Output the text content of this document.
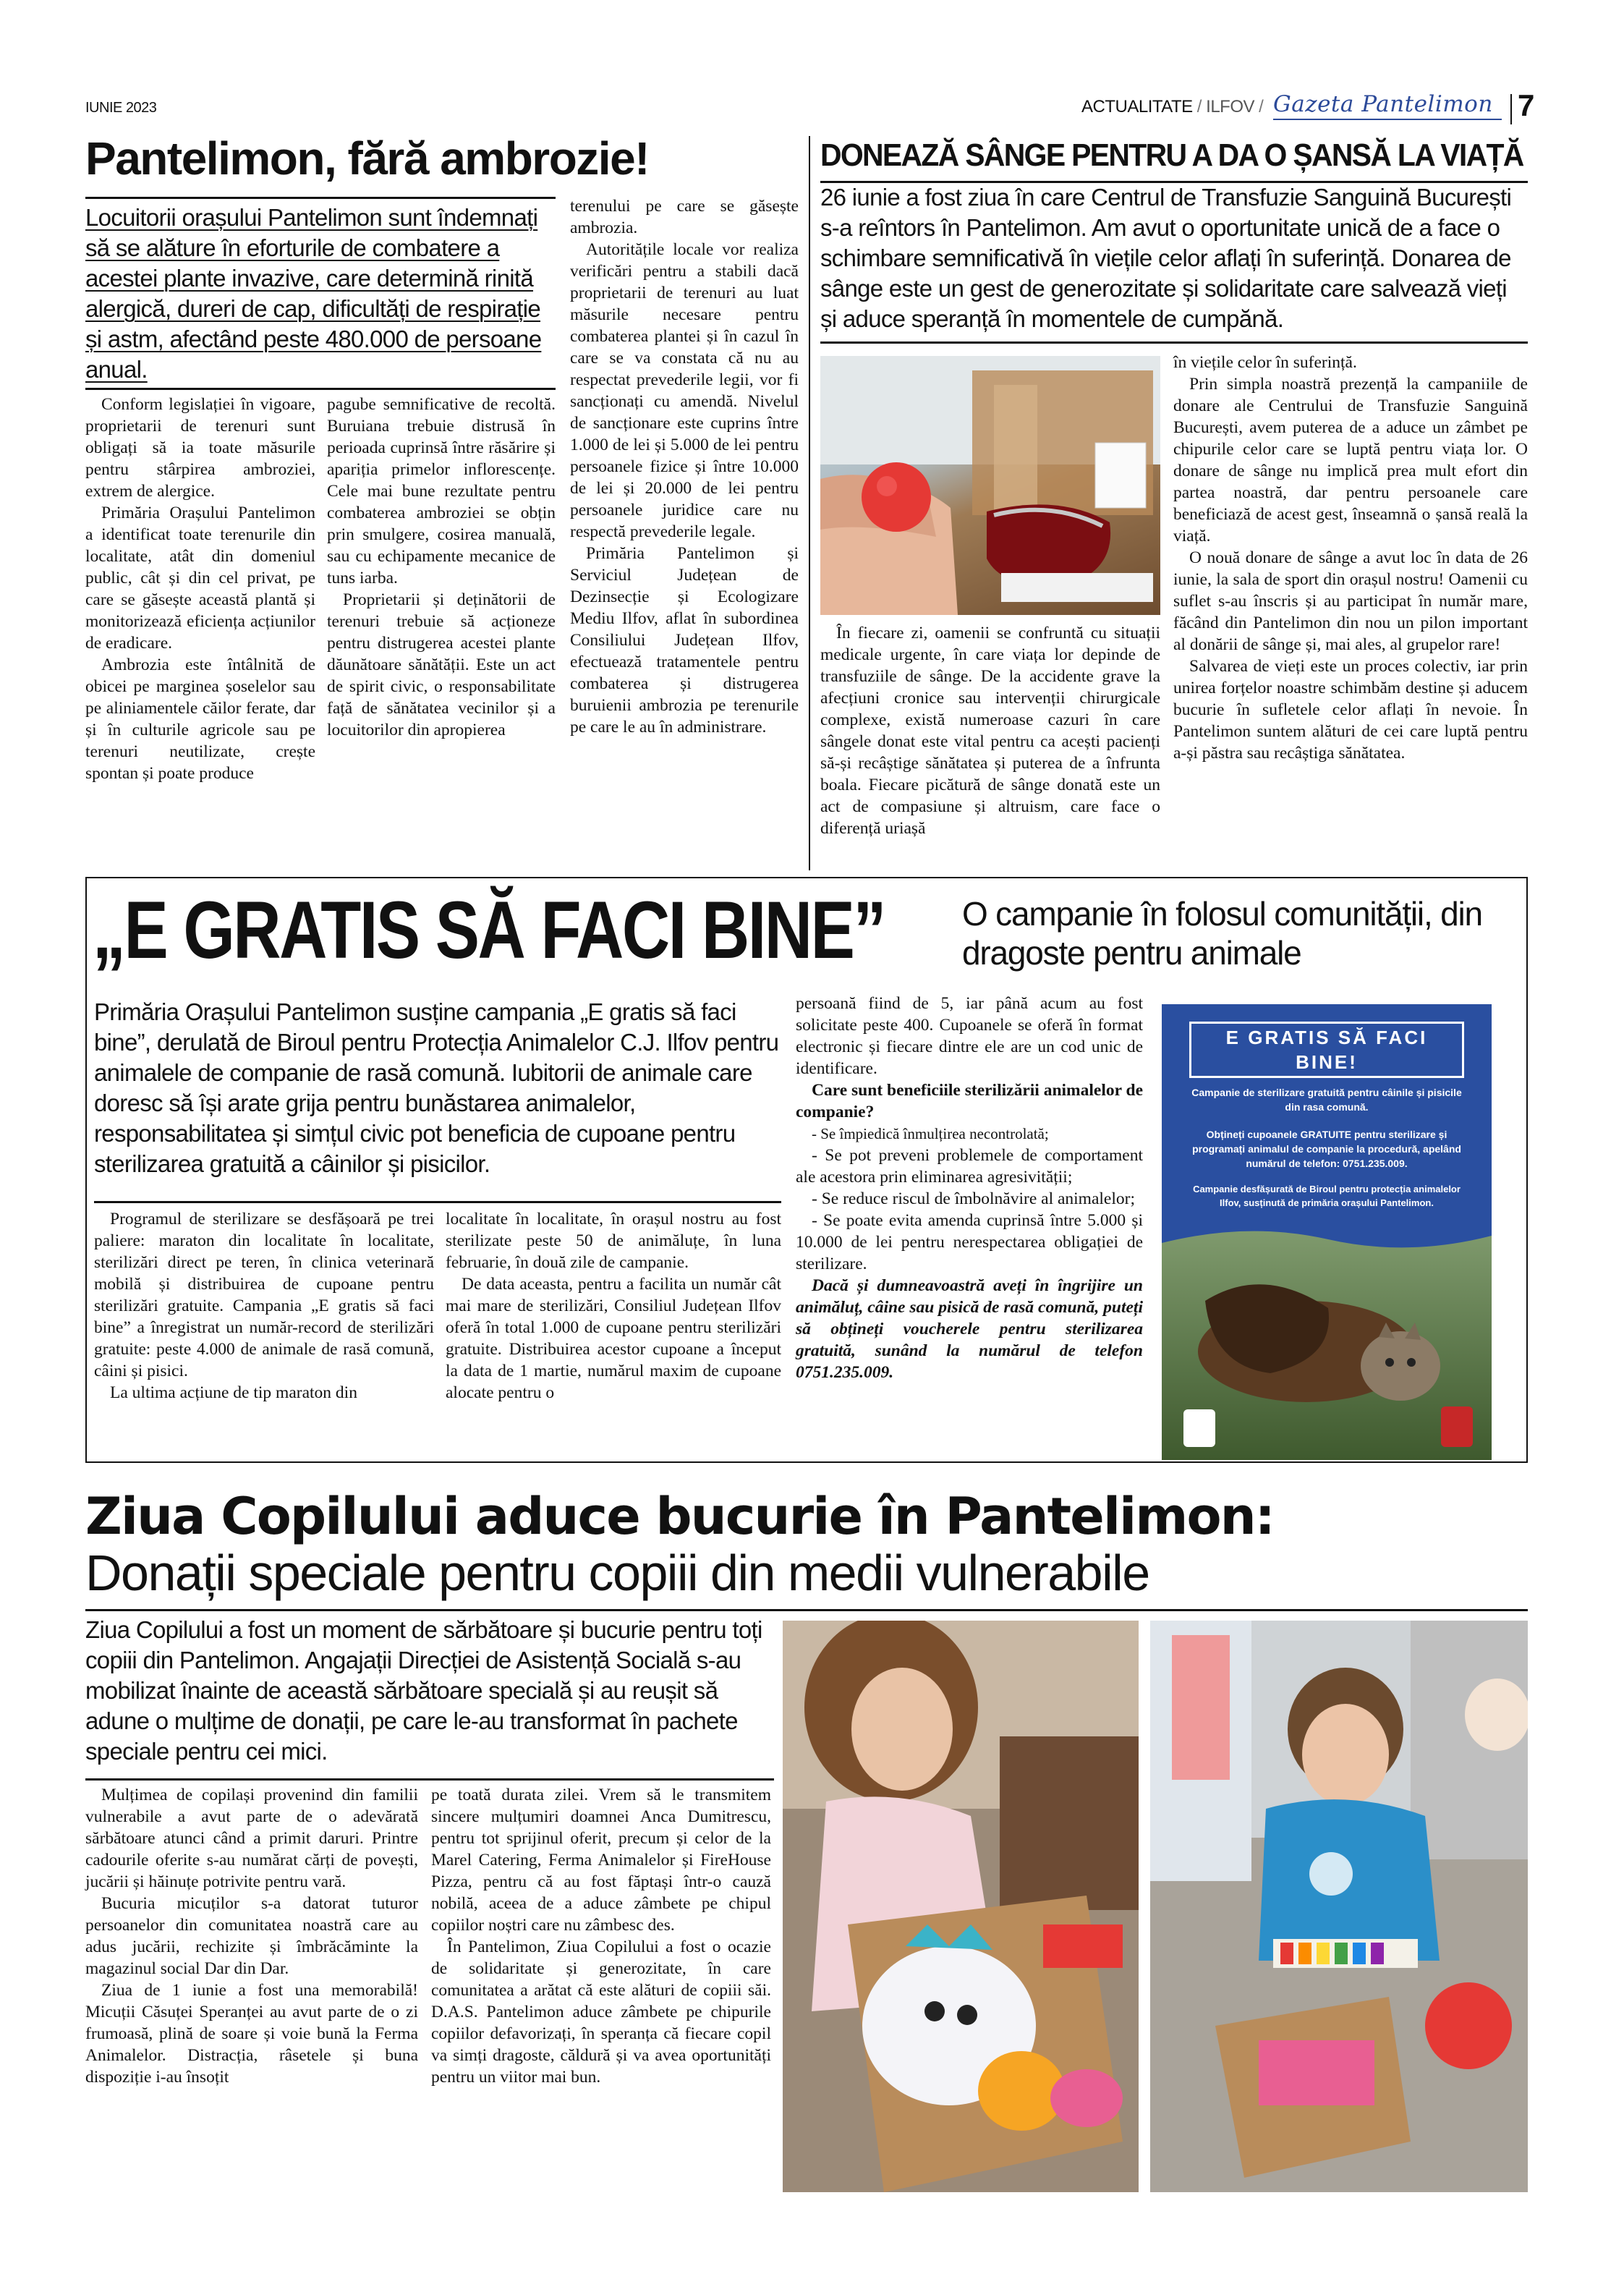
IUNIE 2023	ACTUALITATE / ILFOV / Gazeta Pantelimon 7
Pantelimon, fără ambrozie!
Locuitorii orașului Pantelimon sunt îndemnați să se alăture în eforturile de combatere a acestei plante invazive, care determină rinită alergică, dureri de cap, dificultăți de respirație și astm, afectând peste 480.000 de persoane anual.

Conform legislației în vigoare, proprietarii de terenuri sunt obligați să ia toate măsurile pentru stârpirea ambroziei, extrem de alergice.

Primăria Orașului Pantelimon a identificat toate terenurile din localitate, atât din domeniul public, cât și din cel privat, pe care se găsește această plantă și monitorizează eficiența acțiunilor de eradicare.

Ambrozia este întâlnită de obicei pe marginea șoselelor sau pe aliniamentele căilor ferate, dar și în culturile agricole sau pe terenuri neutilizate, crește spontan și poate produce

pagube semnificative de recoltă. Buruiana trebuie distrusă în perioada cuprinsă între răsărire și apariția primelor inflorescențe. Cele mai bune rezultate pentru combaterea ambroziei se obțin prin smulgere, cosirea manuală, sau cu echipamente mecanice de tuns iarba.

Proprietarii și deținătorii de terenuri trebuie să acționeze pentru distrugerea acestei plante dăunătoare sănătății. Este un act de spirit civic, o responsabilitate față de sănătatea vecinilor și a locuitorilor din apropierea

terenului pe care se găsește ambrozia.

Autoritățile locale vor realiza verificări pentru a stabili dacă proprietarii de terenuri au luat măsurile necesare pentru combaterea plantei și în cazul în care se va constata că nu au respectat prevederile legii, vor fi sancționați cu amendă. Nivelul de sancționare este cuprins între 1.000 de lei și 5.000 de lei pentru persoanele fizice și între 10.000 de lei și 20.000 de lei pentru persoanele juridice care nu respectă prevederile legale.

Primăria Pantelimon și Serviciul Județean de Dezinsecție și Ecologizare Mediu Ilfov, aflat în subordinea Consiliului Județean Ilfov, efectuează tratamentele pentru combaterea și distrugerea buruienii ambrozia pe terenurile pe care le au în administrare.

DONEAZĂ SÂNGE PENTRU A DA O ȘANSĂ LA VIAȚĂ
26 iunie a fost ziua în care Centrul de Transfuzie Sanguină București s-a reîntors în Pantelimon. Am avut o oportunitate unică de a face o schimbare semnificativă în viețile celor aflați în suferință. Donarea de sânge este un gest de generozitate și solidaritate care salvează vieți și aduce speranță în momentele de cumpănă.

În fiecare zi, oamenii se confruntă cu situații medicale urgente, în care viața lor depinde de transfuziile de sânge. De la accidente grave la afecțiuni cronice sau intervenții chirurgicale complexe, există numeroase cazuri în care sângele donat este vital pentru ca acești pacienți să-și recâștige sănătatea și puterea de a înfrunta boala. Fiecare picătură de sânge donată este un act de compasiune și altruism, care face o diferență uriașă

în viețile celor în suferință.

Prin simpla noastră prezență la campaniile de donare ale Centrului de Transfuzie Sanguină București, avem puterea de a aduce un zâmbet pe chipurile celor care se luptă pentru viața lor. O donare de sânge nu implică prea mult efort din partea noastră, dar pentru persoanele care beneficiază de acest gest, înseamnă o șansă reală la viață.

O nouă donare de sânge a avut loc în data de 26 iunie, la sala de sport din orașul nostru! Oamenii cu suflet s-au înscris și au participat în număr mare, făcând din Pantelimon din nou un pilon important al donării de sânge și, mai ales, al grupelor rare!

Salvarea de vieți este un proces colectiv, iar prin unirea forțelor noastre schimbăm destine și aducem bucurie în sufletele celor aflați în nevoie. În Pantelimon suntem alături de cei care luptă pentru a-și păstra sau recâștiga sănătatea.

„E GRATIS SĂ FACI BINE” O campanie în folosul comunității, din dragoste pentru animale
Primăria Orașului Pantelimon susține campania „E gratis să faci bine”, derulată de Biroul pentru Protecția Animalelor C.J. Ilfov pentru animalele de companie de rasă comună. Iubitorii de animale care doresc să își arate grija pentru bunăstarea animalelor, responsabilitatea și simțul civic pot beneficia de cupoane pentru sterilizarea gratuită a câinilor și pisicilor.

Programul de sterilizare se desfășoară pe trei paliere: maraton din localitate în localitate, sterilizări direct pe teren, în clinica veterinară mobilă și distribuirea de cupoane pentru sterilizări gratuite. Campania „E gratis să faci bine” a înregistrat un număr-record de sterilizări gratuite: peste 4.000 de animale de rasă comună, câini și pisici.

La ultima acțiune de tip maraton din

localitate în localitate, în orașul nostru au fost sterilizate peste 50 de animăluțe, în luna februarie, în două zile de campanie.

De data aceasta, pentru a facilita un număr cât mai mare de sterilizări, Consiliul Județean Ilfov oferă în total 1.000 de cupoane pentru sterilizări gratuite. Distribuirea acestor cupoane a început la data de 1 martie, numărul maxim de cupoane alocate pentru o

persoană fiind de 5, iar până acum au fost solicitate peste 400. Cupoanele se oferă în format electronic și fiecare dintre ele are un cod unic de identificare.

Care sunt beneficiile sterilizării animalelor de companie?

- Se împiedică înmulțirea necontrolată;

- Se pot preveni problemele de comportament ale acestora prin eliminarea agresivității;

- Se reduce riscul de îmbolnăvire al animalelor;

- Se poate evita amenda cuprinsă între 5.000 și 10.000 de lei pentru nerespectarea obligației de sterilizare.

Dacă și dumneavoastră aveți în îngrijire un animăluț, câine sau pisică de rasă comună, puteți să obțineți voucherele pentru sterilizarea gratuită, sunând la numărul de telefon 0751.235.009.

E GRATIS SĂ FACI BINE!
Campanie de sterilizare gratuită pentru câinile și pisicile din rasa comună.
Obțineți cupoanele GRATUITE pentru sterilizare și programați animalul de companie la procedură, apelând numărul de telefon: 0751.235.009.
Campanie desfășurată de Biroul pentru protecția animalelor Ilfov, susținută de primăria orașului Pantelimon.
Ziua Copilului aduce bucurie în Pantelimon:
Donații speciale pentru copiii din medii vulnerabile
Ziua Copilului a fost un moment de sărbătoare și bucurie pentru toți copiii din Pantelimon. Angajații Direcției de Asistență Socială s-au mobilizat înainte de această sărbătoare specială și au reușit să adune o mulțime de donații, pe care le-au transformat în pachete speciale pentru cei mici.

Mulțimea de copilași provenind din familii vulnerabile a avut parte de o adevărată sărbătoare atunci când a primit daruri. Printre cadourile oferite s-au numărat cărți de povești, jucării și hăinuțe potrivite pentru vară.

Bucuria micuților s-a datorat tuturor persoanelor din comunitatea noastră care au adus jucării, rechizite și îmbrăcăminte la magazinul social Dar din Dar.

Ziua de 1 iunie a fost una memorabilă! Micuții Căsuței Speranței au avut parte de o zi frumoasă, plină de soare și voie bună la Ferma Animalelor. Distracția, râsetele și buna dispoziție i-au însoțit

pe toată durata zilei. Vrem să le transmitem sincere mulțumiri doamnei Anca Dumitrescu, pentru tot sprijinul oferit, precum și celor de la Marel Catering, Ferma Animalelor și FireHouse Pizza, pentru că au fost făptași într-o cauză nobilă, aceea de a aduce zâmbete pe chipul copiilor noștri care nu zâmbesc des.

În Pantelimon, Ziua Copilului a fost o ocazie de solidaritate și generozitate, în care comunitatea a arătat că este alături de copiii săi. D.A.S. Pantelimon aduce zâmbete pe chipurile copiilor defavorizați, în speranța că fiecare copil va simți dragoste, căldură și va avea oportunități pentru un viitor mai bun.
